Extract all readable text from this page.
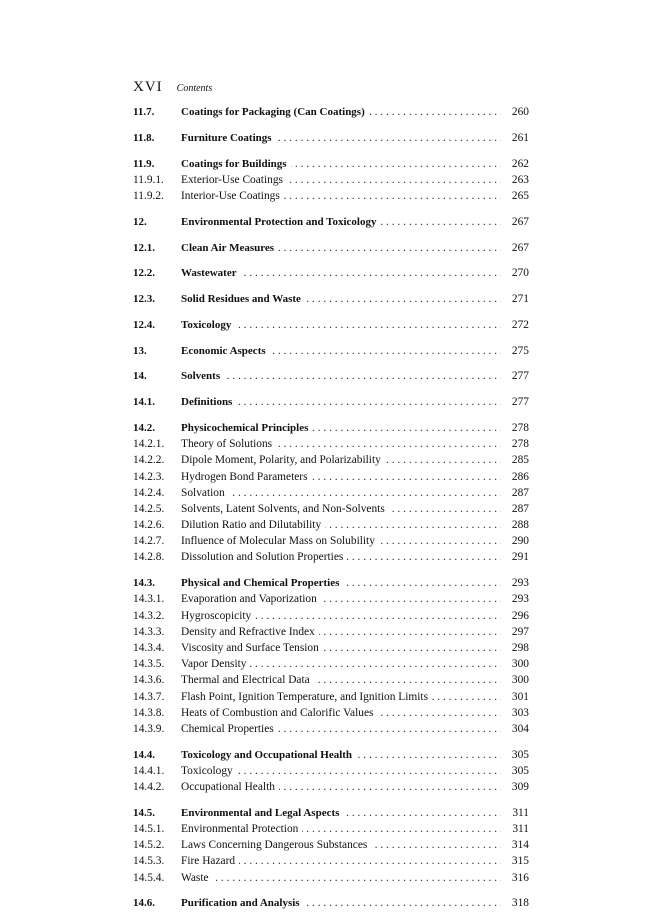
XVI Contents
11.7. Coatings for Packaging (Can Coatings) . . .	260
11.8. Furniture Coatings . . .	261
11.9. Coatings for Buildings . . .	262
11.9.1. Exterior-Use Coatings . . .	263
11.9.2. Interior-Use Coatings . . .	265
12.	Environmental Protection and Toxicology . . .	267
12.1. Clean Air Measures . . .	267
12.2. Wastewater . . .	270
12.3. Solid Residues and Waste . . .	271
12.4. Toxicology . . .	272
13.	Economic Aspects . . .	275
14.	Solvents . . .	277
14.1. Definitions . . .	277
14.2. Physicochemical Principles . . .	278
14.2.1. Theory of Solutions . . .	278
14.2.2. Dipole Moment, Polarity, and Polarizability . . .	285
14.2.3. Hydrogen Bond Parameters . . .	286
14.2.4. Solvation . . .	287
14.2.5. Solvents, Latent Solvents, and Non-Solvents . . .	287
14.2.6. Dilution Ratio and Dilutability . . .	288
14.2.7. Influence of Molecular Mass on Solubility . . .	290
14.2.8. Dissolution and Solution Properties . . .	291
14.3. Physical and Chemical Properties . . .	293
14.3.1. Evaporation and Vaporization . . .	293
14.3.2. Hygroscopicity . . .	296
14.3.3. Density and Refractive Index . . .	297
14.3.4. Viscosity and Surface Tension . . .	298
14.3.5. Vapor Density . . .	300
14.3.6. Thermal and Electrical Data . . .	300
14.3.7. Flash Point, Ignition Temperature, and Ignition Limits . . .	301
14.3.8. Heats of Combustion and Calorific Values . . .	303
14.3.9. Chemical Properties . . .	304
14.4. Toxicology and Occupational Health . . .	305
14.4.1. Toxicology . . .	305
14.4.2. Occupational Health . . .	309
14.5. Environmental and Legal Aspects . . .	311
14.5.1. Environmental Protection . . .	311
14.5.2. Laws Concerning Dangerous Substances . . .	314
14.5.3. Fire Hazard . . .	315
14.5.4. Waste . . .	316
14.6. Purification and Analysis . . .	318
